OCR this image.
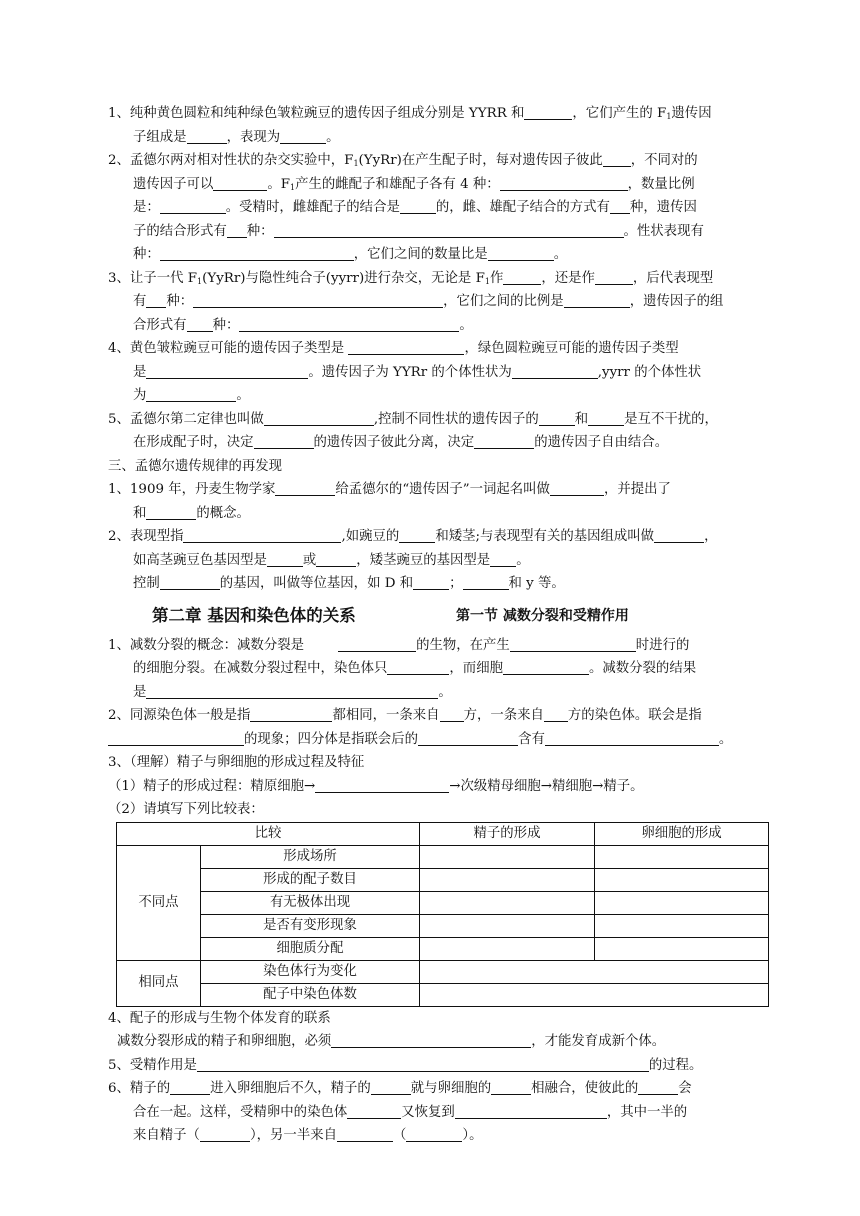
1、纯种黄色圆粒和纯种绿色皱粒豌豆的遗传因子组成分别是 YYRR 和	，它们产生的 $F_1$遗传因
子组成是	，表现为	。
2、孟德尔两对相对性状的杂交实验中，$F_1(YyRr)$在产生配子时，每对遗传因子彼此 ，不同对的
遗传因子可以	。$F_1$产生的雌配子和雄配子各有 4 种：	，数量比例
是：	。受精时，雌雄配子的结合是	的，雌、雄配子结合的方式有 种，遗传因
子的结合形式有 种：	。性状表现有
种：	，它们之间的数量比是	。
3、让子一代 $F_1(YyRr)$与隐性纯合子(yyrr)进行杂交，无论是 $F_1$作	，还是作	，后代表现型
有 种：	，它们之间的比例是	，遗传因子的组
合形式有 种：	。
4、黄色皱粒豌豆可能的遗传因子类型是	，绿色圆粒豌豆可能的遗传因子类型
是	。遗传因子为 YYRr 的个体性状为	,yyrr 的个体性状
为	。
5、孟德尔第二定律也叫做	,控制不同性状的遗传因子的	和	是互不干扰的，
在形成配子时，决定	的遗传因子彼此分离，决定	的遗传因子自由结合。
三、孟德尔遗传规律的再发现
1、1909 年，丹麦生物学家	给孟德尔的“遗传因子”一词起名叫做	，并提出了
和	的概念。
2、表现型指	,如豌豆的	和矮茎;与表现型有关的基因组成叫做	，
如高茎豌豆色基因型是	或	，矮茎豌豆的基因型是 。
控制	的基因，叫做等位基因，如 D 和	；	和 y 等。
第二章 基因和染色体的关系	第一节 减数分裂和受精作用
1、减数分裂的概念：减数分裂是	的生物，在产生	时进行的
的细胞分裂。在减数分裂过程中，染色体只	，而细胞	。减数分裂的结果
是	。
2、同源染色体一般是指	都相同，一条来自 方，一条来自 方的染色体。联会是指
的现象；四分体是指联会后的	含有	。
3、（理解）精子与卵细胞的形成过程及特征
（1）精子的形成过程：精原细胞→	→次级精母细胞→精细胞→精子。
（2）请填写下列比较表：
比较		精子的形成	卵细胞的形成
不同点	形成场所		
	形成的配子数目		
	有无极体出现		
	是否有变形现象		
	细胞质分配		
相同点	染色体行为变化		
	配子中染色体数		
4、配子的形成与生物个体发育的联系
减数分裂形成的精子和卵细胞，必须	，才能发育成新个体。
5、受精作用是	的过程。
6、精子的	进入卵细胞后不久，精子的	就与卵细胞的	相融合，使彼此的	会
合在一起。这样，受精卵中的染色体	又恢复到	，其中一半的
来自精子（	），另一半来自	（	）。
